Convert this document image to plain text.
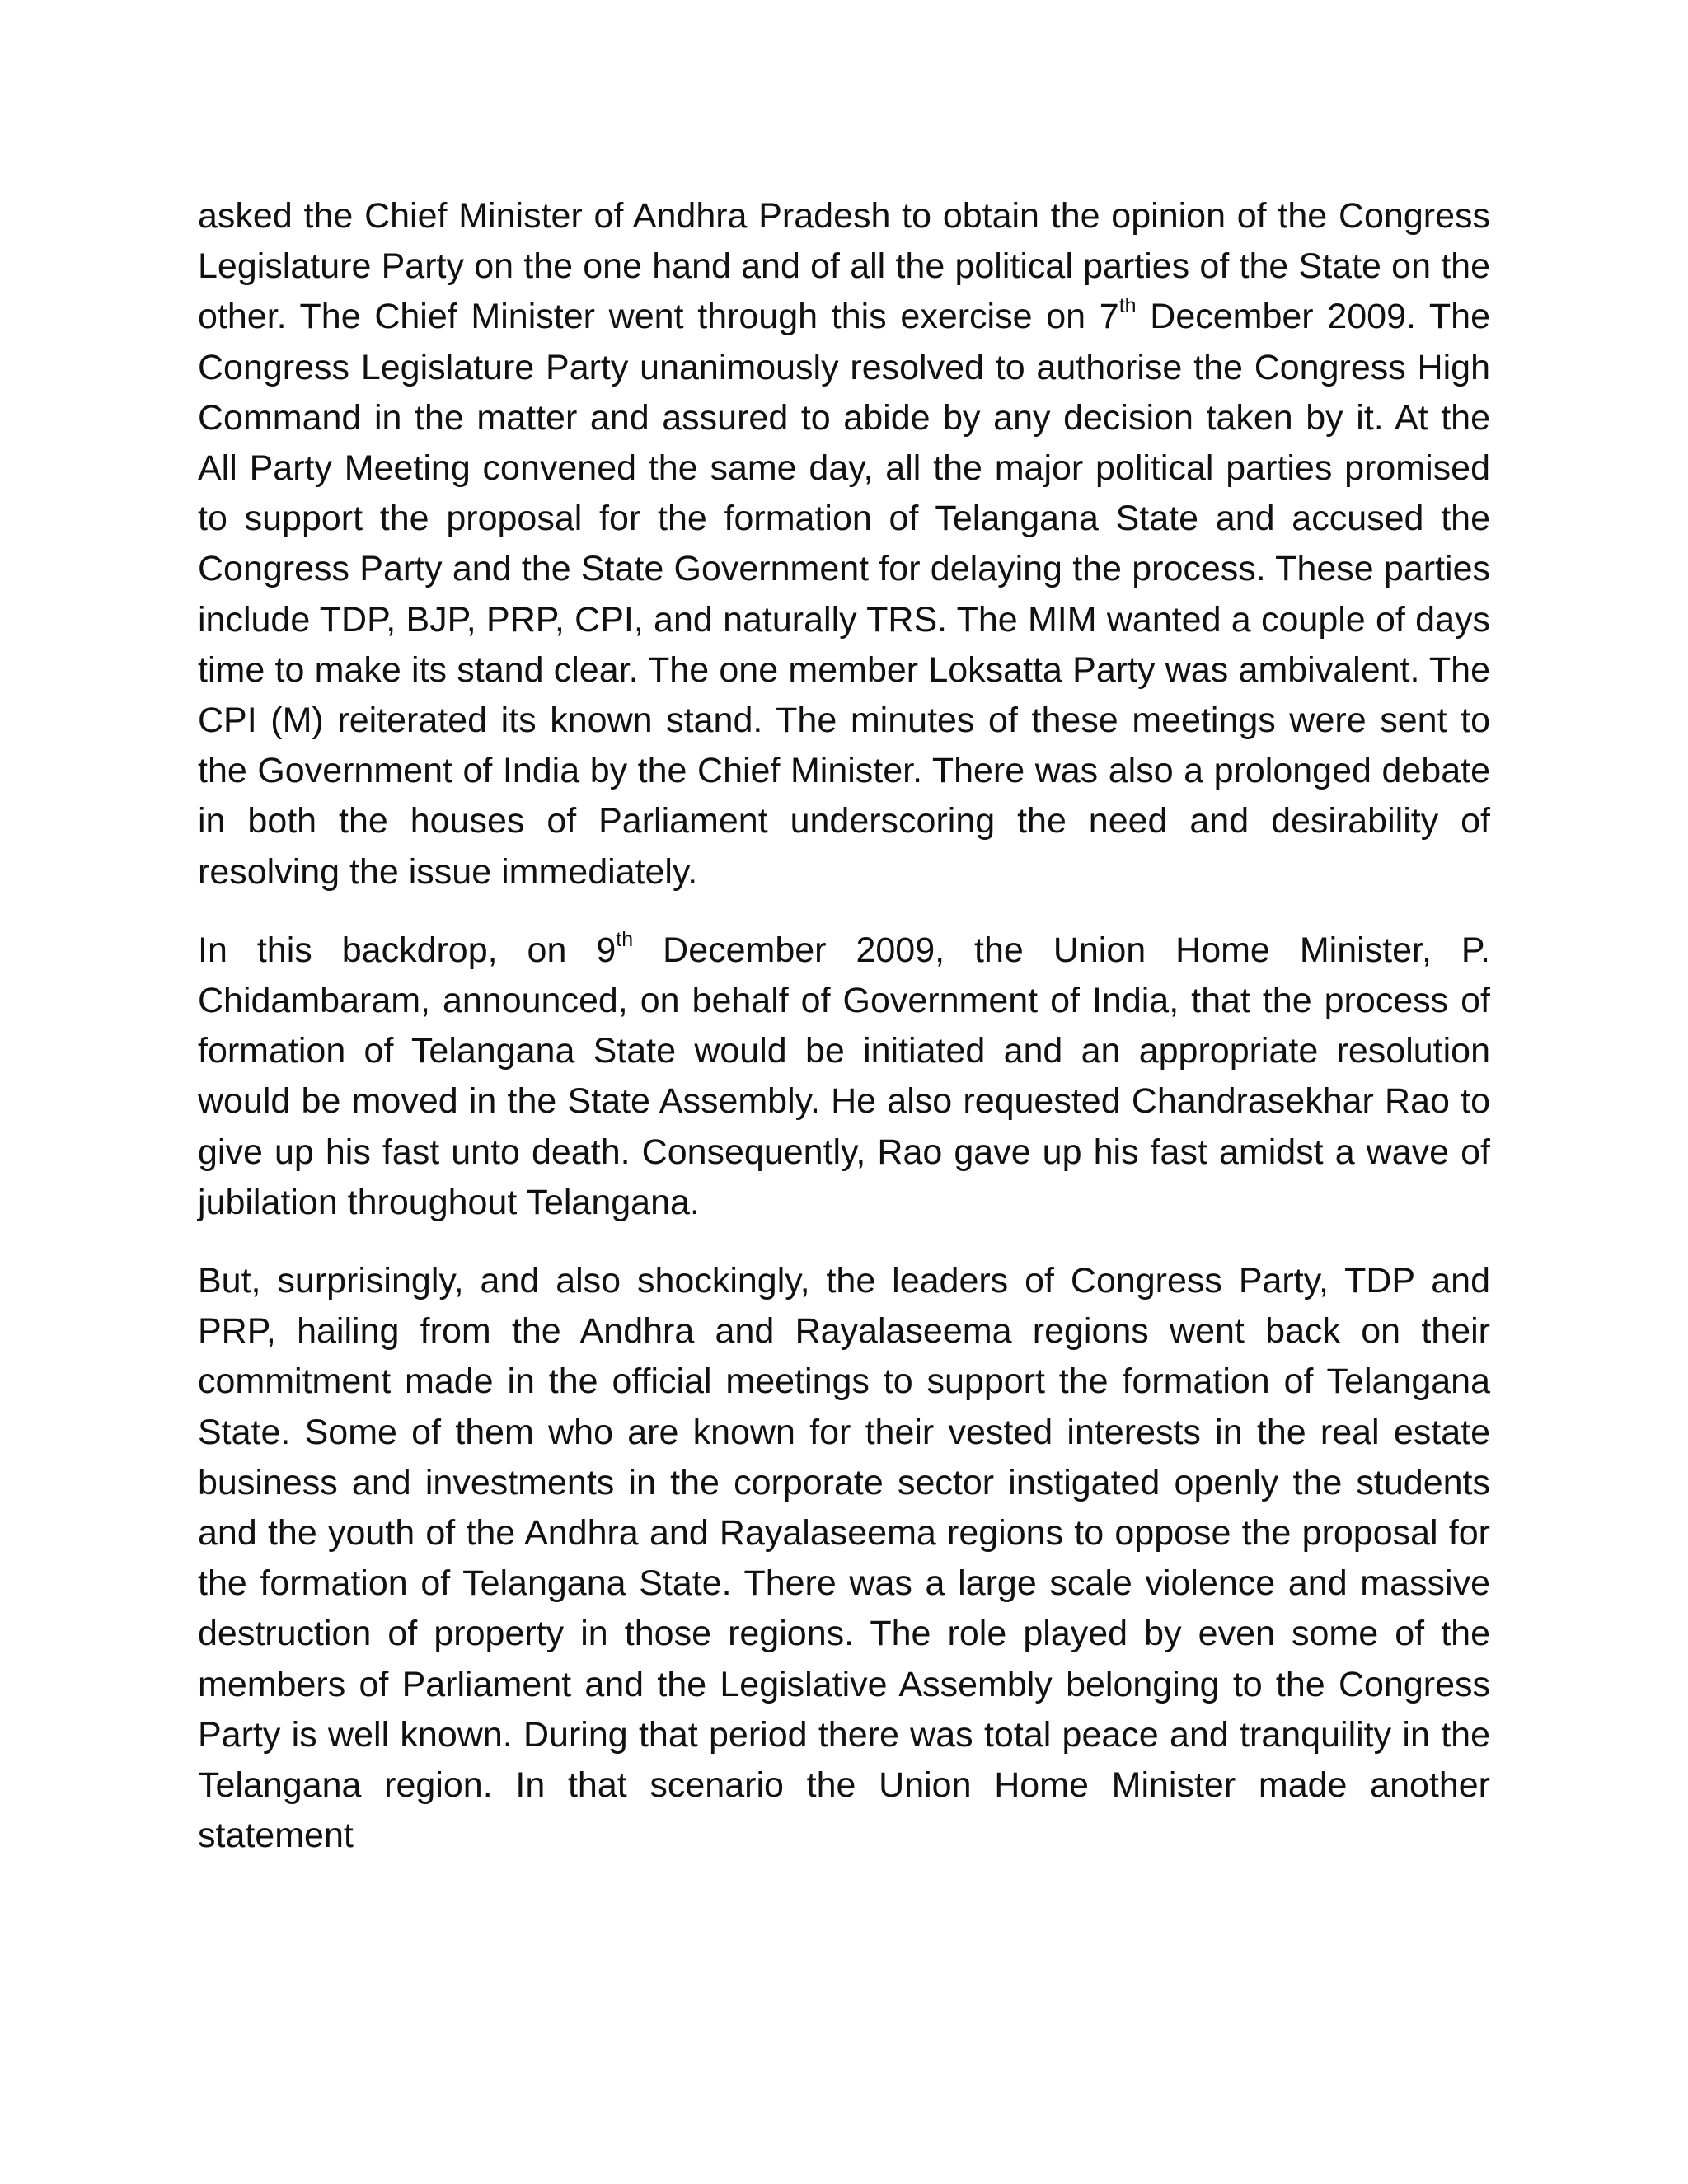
asked the Chief Minister of Andhra Pradesh to obtain the opinion of the Congress Legislature Party on the one hand and of all the political parties of the State on the other. The Chief Minister went through this exercise on 7th December 2009. The Congress Legislature Party unanimously resolved to authorise the Congress High Command in the matter and assured to abide by any decision taken by it. At the All Party Meeting convened the same day, all the major political parties promised to support the proposal for the formation of Telangana State and accused the Congress Party and the State Government for delaying the process. These parties include TDP, BJP, PRP, CPI, and naturally TRS. The MIM wanted a couple of days time to make its stand clear. The one member Loksatta Party was ambivalent. The CPI (M) reiterated its known stand. The minutes of these meetings were sent to the Government of India by the Chief Minister. There was also a prolonged debate in both the houses of Parliament underscoring the need and desirability of resolving the issue immediately.

In this backdrop, on 9th December 2009, the Union Home Minister, P. Chidambaram, announced, on behalf of Government of India, that the process of formation of Telangana State would be initiated and an appropriate resolution would be moved in the State Assembly. He also requested Chandrasekhar Rao to give up his fast unto death. Consequently, Rao gave up his fast amidst a wave of jubilation throughout Telangana.

But, surprisingly, and also shockingly, the leaders of Congress Party, TDP and PRP, hailing from the Andhra and Rayalaseema regions went back on their commitment made in the official meetings to support the formation of Telangana State. Some of them who are known for their vested interests in the real estate business and investments in the corporate sector instigated openly the students and the youth of the Andhra and Rayalaseema regions to oppose the proposal for the formation of Telangana State. There was a large scale violence and massive destruction of property in those regions. The role played by even some of the members of Parliament and the Legislative Assembly belonging to the Congress Party is well known. During that period there was total peace and tranquility in the Telangana region. In that scenario the Union Home Minister made another statement
